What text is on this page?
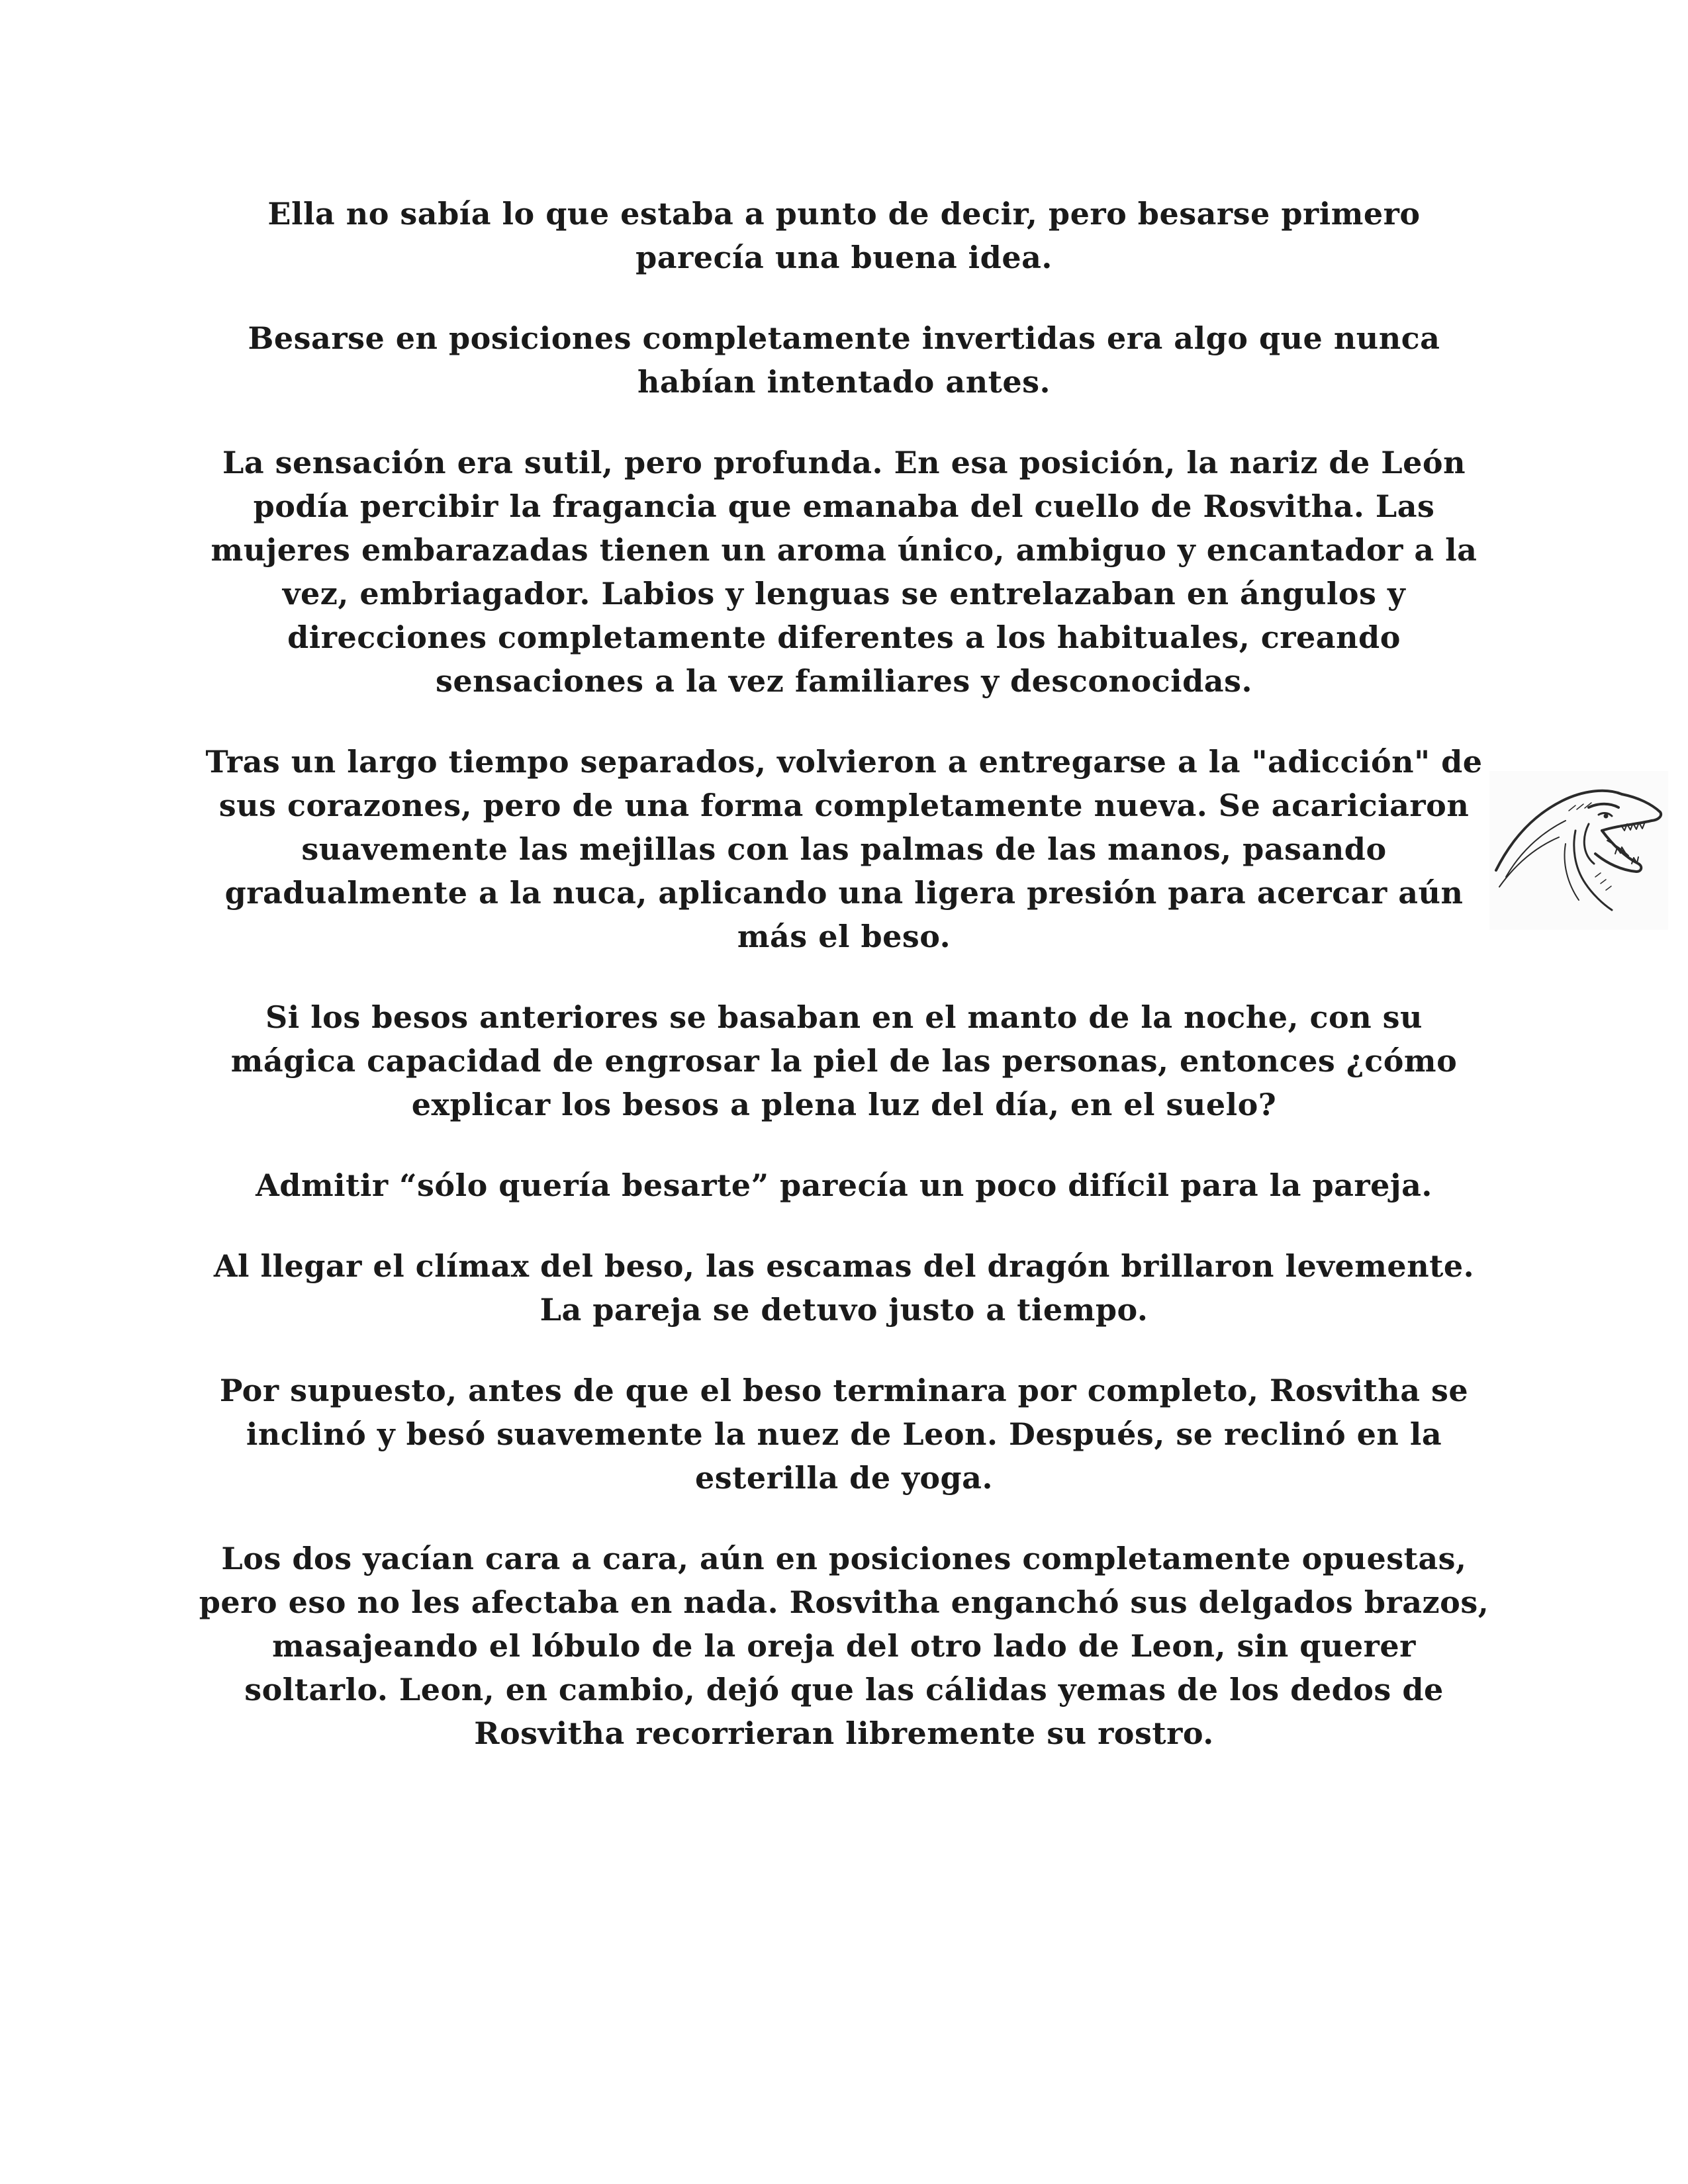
Ella no sabía lo que estaba a punto de decir, pero besarse primero parecía una buena idea.

Besarse en posiciones completamente invertidas era algo que nunca habían intentado antes.

La sensación era sutil, pero profunda. En esa posición, la nariz de León podía percibir la fragancia que emanaba del cuello de Rosvitha. Las mujeres embarazadas tienen un aroma único, ambiguo y encantador a la vez, embriagador. Labios y lenguas se entrelazaban en ángulos y direcciones completamente diferentes a los habituales, creando sensaciones a la vez familiares y desconocidas.

Tras un largo tiempo separados, volvieron a entregarse a la "adicción" de sus corazones, pero de una forma completamente nueva. Se acariciaron suavemente las mejillas con las palmas de las manos, pasando gradualmente a la nuca, aplicando una ligera presión para acercar aún más el beso.

Si los besos anteriores se basaban en el manto de la noche, con su mágica capacidad de engrosar la piel de las personas, entonces ¿cómo explicar los besos a plena luz del día, en el suelo?

Admitir “sólo quería besarte” parecía un poco difícil para la pareja.

Al llegar el clímax del beso, las escamas del dragón brillaron levemente. La pareja se detuvo justo a tiempo.

Por supuesto, antes de que el beso terminara por completo, Rosvitha se inclinó y besó suavemente la nuez de Leon. Después, se reclinó en la esterilla de yoga.

Los dos yacían cara a cara, aún en posiciones completamente opuestas, pero eso no les afectaba en nada. Rosvitha enganchó sus delgados brazos, masajeando el lóbulo de la oreja del otro lado de Leon, sin querer soltarlo. Leon, en cambio, dejó que las cálidas yemas de los dedos de Rosvitha recorrieran libremente su rostro.
